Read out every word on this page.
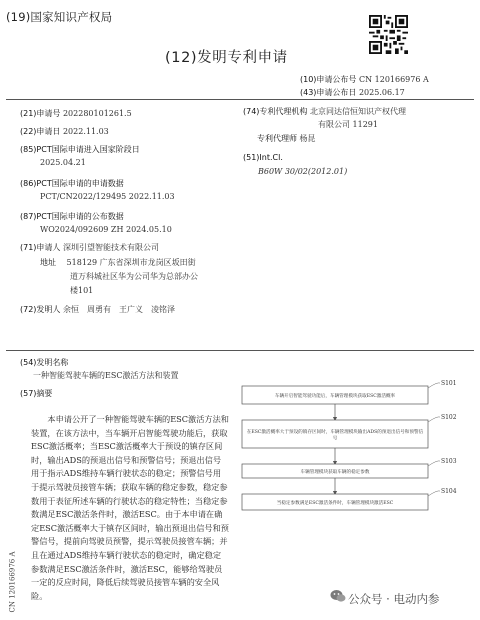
(19)国家知识产权局
(12)发明专利申请
(10)申请公布号 CN 120166976 A
(43)申请公布日 2025.06.17
(21)申请号 202280101261.5
(22)申请日 2022.11.03
(85)PCT国际申请进入国家阶段日
2025.04.21
(86)PCT国际申请的申请数据
PCT/CN2022/129495 2022.11.03
(87)PCT国际申请的公布数据
WO2024/092609 ZH 2024.05.10
(71)申请人 深圳引望智能技术有限公司
地址 518129 广东省深圳市龙岗区坂田街
道万科城社区华为公司华为总部办公
楼101
(72)发明人 余恒　周勇有　王广义　凌铭泽
(74)专利代理机构 北京同达信恒知识产权代理
有限公司 11291
专利代理师 杨昆
(51)Int.Cl.
B60W 30/02(2012.01)
(54)发明名称
一种智能驾驶车辆的ESC激活方法和装置
(57)摘要
本申请公开了一种智能驾驶车辆的ESC激活方法和装置，在该方法中，当车辆开启智能驾驶功能后，获取ESC激活概率；当ESC激活概率大于预设的镇存区间时，输出ADS的预退出信号和预警信号；预退出信号用于指示ADS维持车辆行驶状态的稳定；预警信号用于提示驾驶员接管车辆；获取车辆的稳定参数，稳定参数用于表征所述车辆的行驶状态的稳定特性；当稳定参数满足ESC激活条件时，激活ESC。由于本申请在确定ESC激活概率大于镇存区间时，输出预退出信号和预警信号，提前向驾驶员预警，提示驾驶员接管车辆；并且在通过ADS维持车辆行驶状态的稳定时，确定稳定参数满足ESC激活条件时，激活ESC，能够给驾驶员一定的反应时间，降低后续驾驶员接管车辆的安全风险。
CN 120166976 A
车辆开启智能驾驶功能后，车辆管理模块获取ESC激活概率
S101
在ESC激活概率大于预设的镇存区间时，车辆管理模块输出ADS的预退出信号和预警信
号
S102
车辆管理模块获取车辆的稳定参数
S103
当稳定参数满足ESC激活条件时，车辆管理模块激活ESC
S104
公众号 · 电动内参
